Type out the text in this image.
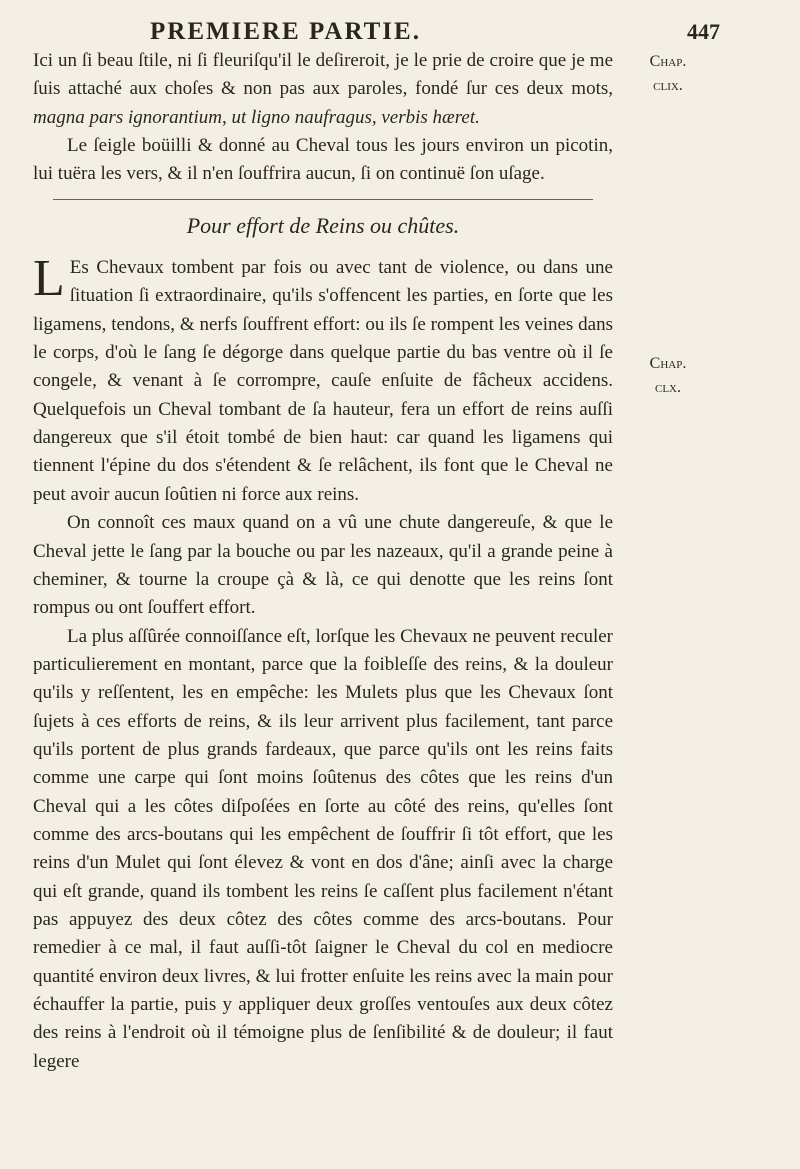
PREMIERE PARTIE.	447
Chap.
clix.
Chap.
clx.

Ici un ſi beau ſtile, ni ſi fleuriſqu'il le deſireroit, je le prie de croire que je me ſuis attaché aux choſes & non pas aux paroles, fondé ſur ces deux mots, magna pars ignorantium, ut ligno naufragus, verbis hæret.

Le ſeigle boüilli & donné au Cheval tous les jours environ un picotin, lui tuëra les vers, & il n'en ſouffrira aucun, ſi on continuë ſon uſage.

Pour effort de Reins ou chûtes.

L Es Chevaux tombent par fois ou avec tant de violence, ou dans une ſituation ſi extraordinaire, qu'ils s'offencent les parties, en ſorte que les ligamens, tendons, & nerfs ſouffrent effort: ou ils ſe rompent les veines dans le corps, d'où le ſang ſe dégorge dans quelque partie du bas ventre où il ſe congele, & venant à ſe corrompre, cauſe enſuite de fâcheux accidens. Quelquefois un Cheval tombant de ſa hauteur, fera un effort de reins auſſi dangereux que s'il étoit tombé de bien haut: car quand les ligamens qui tiennent l'épine du dos s'étendent & ſe relâchent, ils font que le Cheval ne peut avoir aucun ſoûtien ni force aux reins.

On connoît ces maux quand on a vû une chute dangereuſe, & que le Cheval jette le ſang par la bouche ou par les nazeaux, qu'il a grande peine à cheminer, & tourne la croupe çà & là, ce qui denotte que les reins ſont rompus ou ont ſouffert effort.

La plus aſſûrée connoiſſance eſt, lorſque les Chevaux ne peuvent reculer particulierement en montant, parce que la foibleſſe des reins, & la douleur qu'ils y reſſentent, les en empêche: les Mulets plus que les Chevaux ſont ſujets à ces efforts de reins, & ils leur arrivent plus facilement, tant parce qu'ils portent de plus grands fardeaux, que parce qu'ils ont les reins faits comme une carpe qui ſont moins ſoûtenus des côtes que les reins d'un Cheval qui a les côtes diſpoſées en ſorte au côté des reins, qu'elles ſont comme des arcs-boutans qui les empêchent de ſouffrir ſi tôt effort, que les reins d'un Mulet qui ſont élevez & vont en dos d'âne; ainſi avec la charge qui eſt grande, quand ils tombent les reins ſe caſſent plus facilement n'étant pas appuyez des deux côtez des côtes comme des arcs-boutans. Pour remedier à ce mal, il faut auſſi-tôt ſaigner le Cheval du col en mediocre quantité environ deux livres, & lui frotter enſuite les reins avec la main pour échauffer la partie, puis y appliquer deux groſſes ventouſes aux deux côtez des reins à l'endroit où il témoigne plus de ſenſibilité & de douleur; il faut legere
